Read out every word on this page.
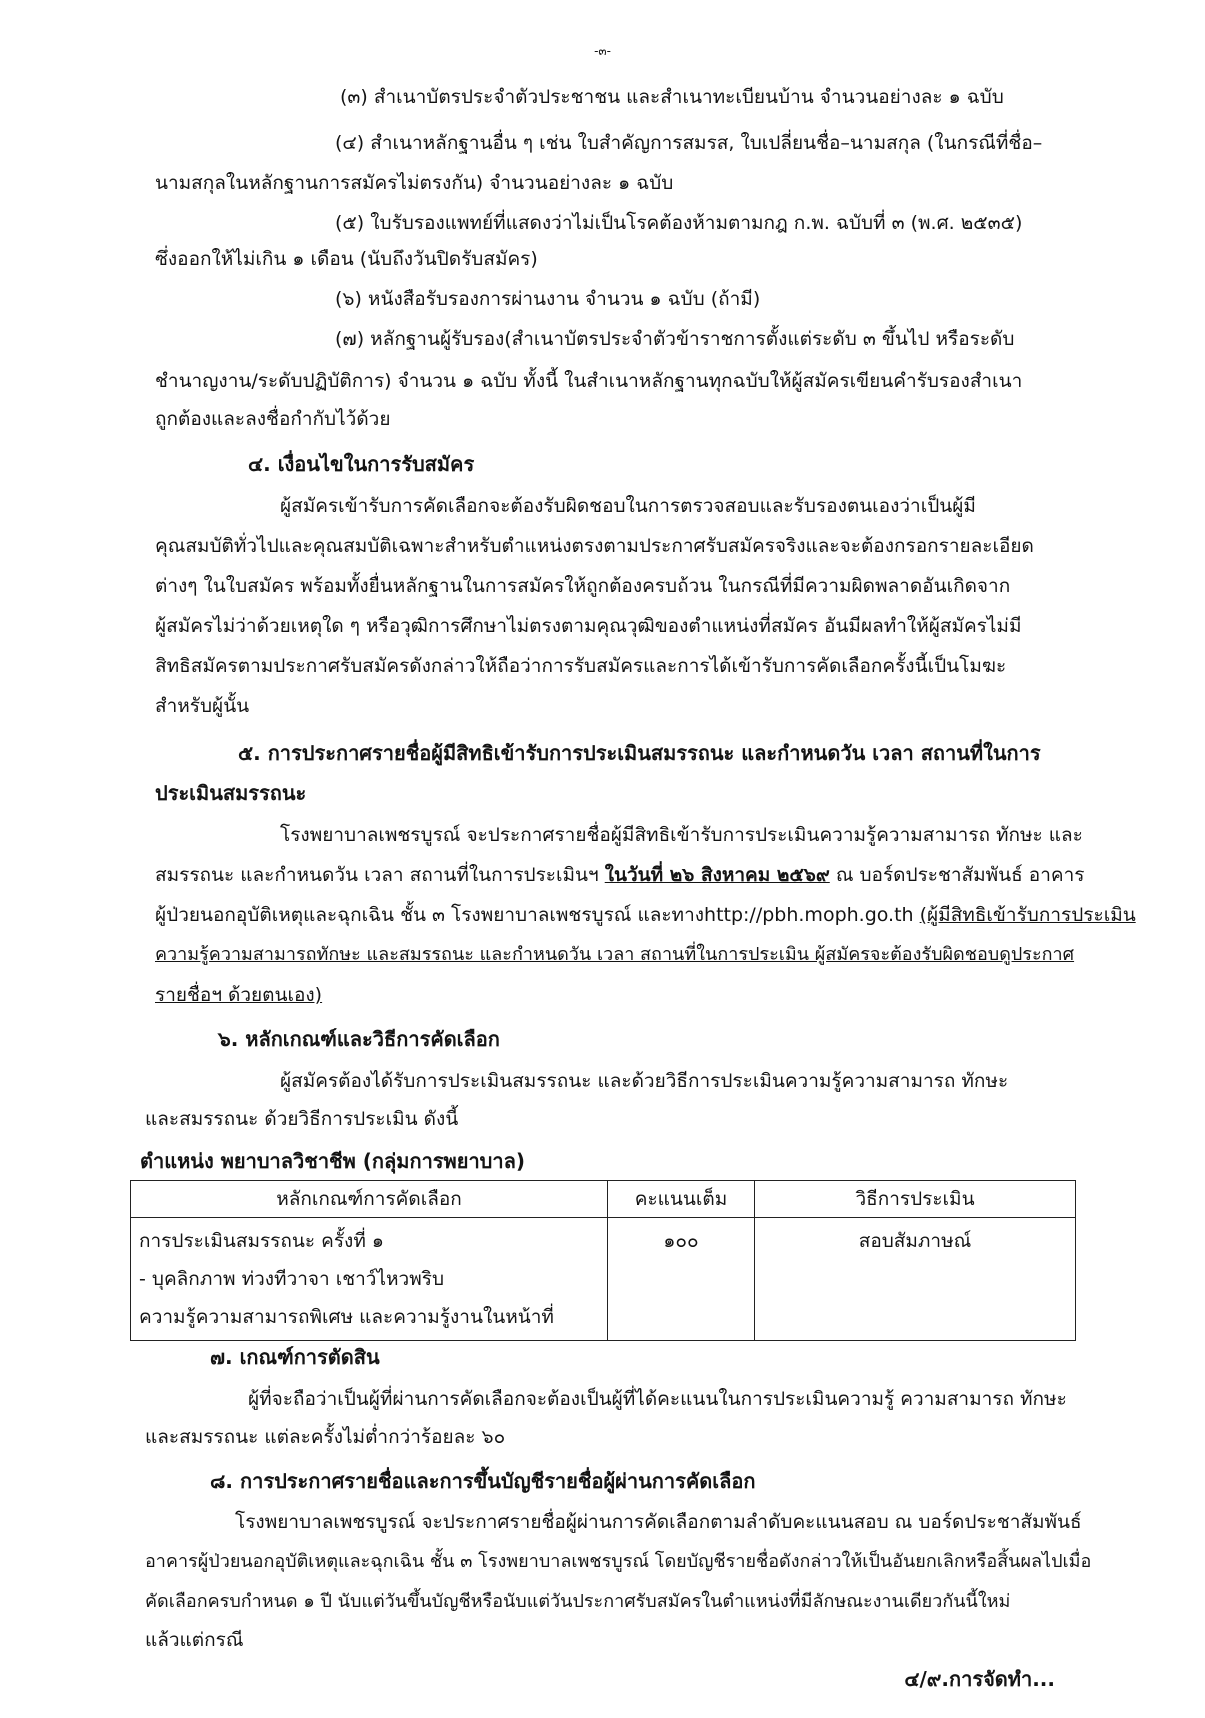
-๓-
(๓) สำเนาบัตรประจำตัวประชาชน และสำเนาทะเบียนบ้าน จำนวนอย่างละ ๑ ฉบับ
(๔) สำเนาหลักฐานอื่น ๆ เช่น ใบสำคัญการสมรส, ใบเปลี่ยนชื่อ–นามสกุล (ในกรณีที่ชื่อ–
นามสกุลในหลักฐานการสมัครไม่ตรงกัน) จำนวนอย่างละ ๑ ฉบับ
(๕) ใบรับรองแพทย์ที่แสดงว่าไม่เป็นโรคต้องห้ามตามกฎ ก.พ. ฉบับที่ ๓ (พ.ศ. ๒๕๓๕)
ซึ่งออกให้ไม่เกิน ๑ เดือน (นับถึงวันปิดรับสมัคร)
(๖) หนังสือรับรองการผ่านงาน จำนวน ๑ ฉบับ (ถ้ามี)
(๗) หลักฐานผู้รับรอง(สำเนาบัตรประจำตัวข้าราชการตั้งแต่ระดับ ๓ ขึ้นไป หรือระดับ
ชำนาญงาน/ระดับปฏิบัติการ) จำนวน ๑ ฉบับ ทั้งนี้ ในสำเนาหลักฐานทุกฉบับให้ผู้สมัครเขียนคำรับรองสำเนา
ถูกต้องและลงชื่อกำกับไว้ด้วย
๔. เงื่อนไขในการรับสมัคร
ผู้สมัครเข้ารับการคัดเลือกจะต้องรับผิดชอบในการตรวจสอบและรับรองตนเองว่าเป็นผู้มี
คุณสมบัติทั่วไปและคุณสมบัติเฉพาะสำหรับตำแหน่งตรงตามประกาศรับสมัครจริงและจะต้องกรอกรายละเอียด
ต่างๆ ในใบสมัคร พร้อมทั้งยื่นหลักฐานในการสมัครให้ถูกต้องครบถ้วน ในกรณีที่มีความผิดพลาดอันเกิดจาก
ผู้สมัครไม่ว่าด้วยเหตุใด ๆ หรือวุฒิการศึกษาไม่ตรงตามคุณวุฒิของตำแหน่งที่สมัคร อันมีผลทำให้ผู้สมัครไม่มี
สิทธิสมัครตามประกาศรับสมัครดังกล่าวให้ถือว่าการรับสมัครและการได้เข้ารับการคัดเลือกครั้งนี้เป็นโมฆะ
สำหรับผู้นั้น
๕. การประกาศรายชื่อผู้มีสิทธิเข้ารับการประเมินสมรรถนะ และกำหนดวัน เวลา สถานที่ในการ
ประเมินสมรรถนะ
โรงพยาบาลเพชรบูรณ์ จะประกาศรายชื่อผู้มีสิทธิเข้ารับการประเมินความรู้ความสามารถ ทักษะ และ
สมรรถนะ และกำหนดวัน เวลา สถานที่ในการประเมินฯ ในวันที่ ๒๖ สิงหาคม ๒๕๖๙ ณ บอร์ดประชาสัมพันธ์ อาคาร
ผู้ป่วยนอกอุบัติเหตุและฉุกเฉิน ชั้น ๓ โรงพยาบาลเพชรบูรณ์ และทางhttp://pbh.moph.go.th (ผู้มีสิทธิเข้ารับการประเมิน
ความรู้ความสามารถทักษะ และสมรรถนะ และกำหนดวัน เวลา สถานที่ในการประเมิน ผู้สมัครจะต้องรับผิดชอบดูประกาศ
รายชื่อฯ ด้วยตนเอง)
๖. หลักเกณฑ์และวิธีการคัดเลือก
ผู้สมัครต้องได้รับการประเมินสมรรถนะ และด้วยวิธีการประเมินความรู้ความสามารถ ทักษะ
และสมรรถนะ ด้วยวิธีการประเมิน ดังนี้
ตำแหน่ง พยาบาลวิชาชีพ (กลุ่มการพยาบาล)
หลักเกณฑ์การคัดเลือก	คะแนนเต็ม	วิธีการประเมิน

การประเมินสมรรถนะ ครั้งที่ ๑
- บุคลิกภาพ ท่วงทีวาจา เชาว์ไหวพริบ
ความรู้ความสามารถพิเศษ และความรู้งานในหน้าที่	๑๐๐	สอบสัมภาษณ์
๗. เกณฑ์การตัดสิน
ผู้ที่จะถือว่าเป็นผู้ที่ผ่านการคัดเลือกจะต้องเป็นผู้ที่ได้คะแนนในการประเมินความรู้ ความสามารถ ทักษะ
และสมรรถนะ แต่ละครั้งไม่ต่ำกว่าร้อยละ ๖๐
๘. การประกาศรายชื่อและการขึ้นบัญชีรายชื่อผู้ผ่านการคัดเลือก
โรงพยาบาลเพชรบูรณ์ จะประกาศรายชื่อผู้ผ่านการคัดเลือกตามลำดับคะแนนสอบ ณ บอร์ดประชาสัมพันธ์
อาคารผู้ป่วยนอกอุบัติเหตุและฉุกเฉิน ชั้น ๓ โรงพยาบาลเพชรบูรณ์ โดยบัญชีรายชื่อดังกล่าวให้เป็นอันยกเลิกหรือสิ้นผลไปเมื่อ
คัดเลือกครบกำหนด ๑ ปี นับแต่วันขึ้นบัญชีหรือนับแต่วันประกาศรับสมัครในตำแหน่งที่มีลักษณะงานเดียวกันนี้ใหม่
แล้วแต่กรณี
๔/๙.การจัดทำ...
